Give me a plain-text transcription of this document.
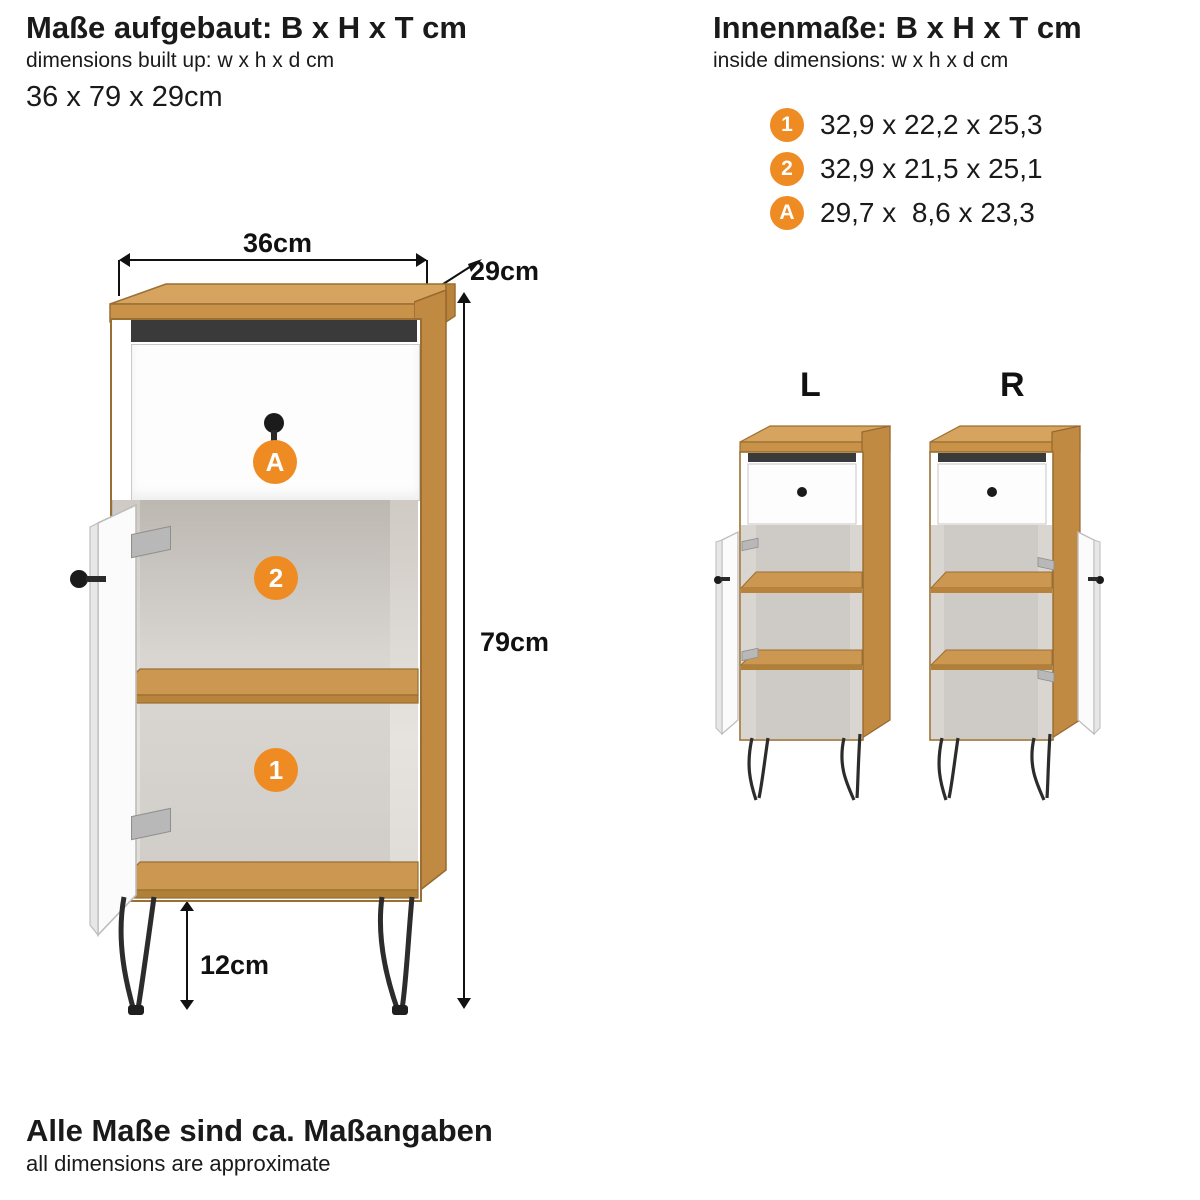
Maße aufgebaut: B x H x T cm
dimensions built up: w x h x d cm
36 x 79 x 29cm
Innenmaße: B x H x T cm
inside dimensions: w x h x d cm
1 32,9 x 22,2 x 25,3
2 32,9 x 21,5 x 25,1
A 29,7 x  8,6 x 23,3
36cm
29cm
79cm
12cm
A
2
1
L	R
Alle Maße sind ca. Maßangaben
all dimensions are approximate
